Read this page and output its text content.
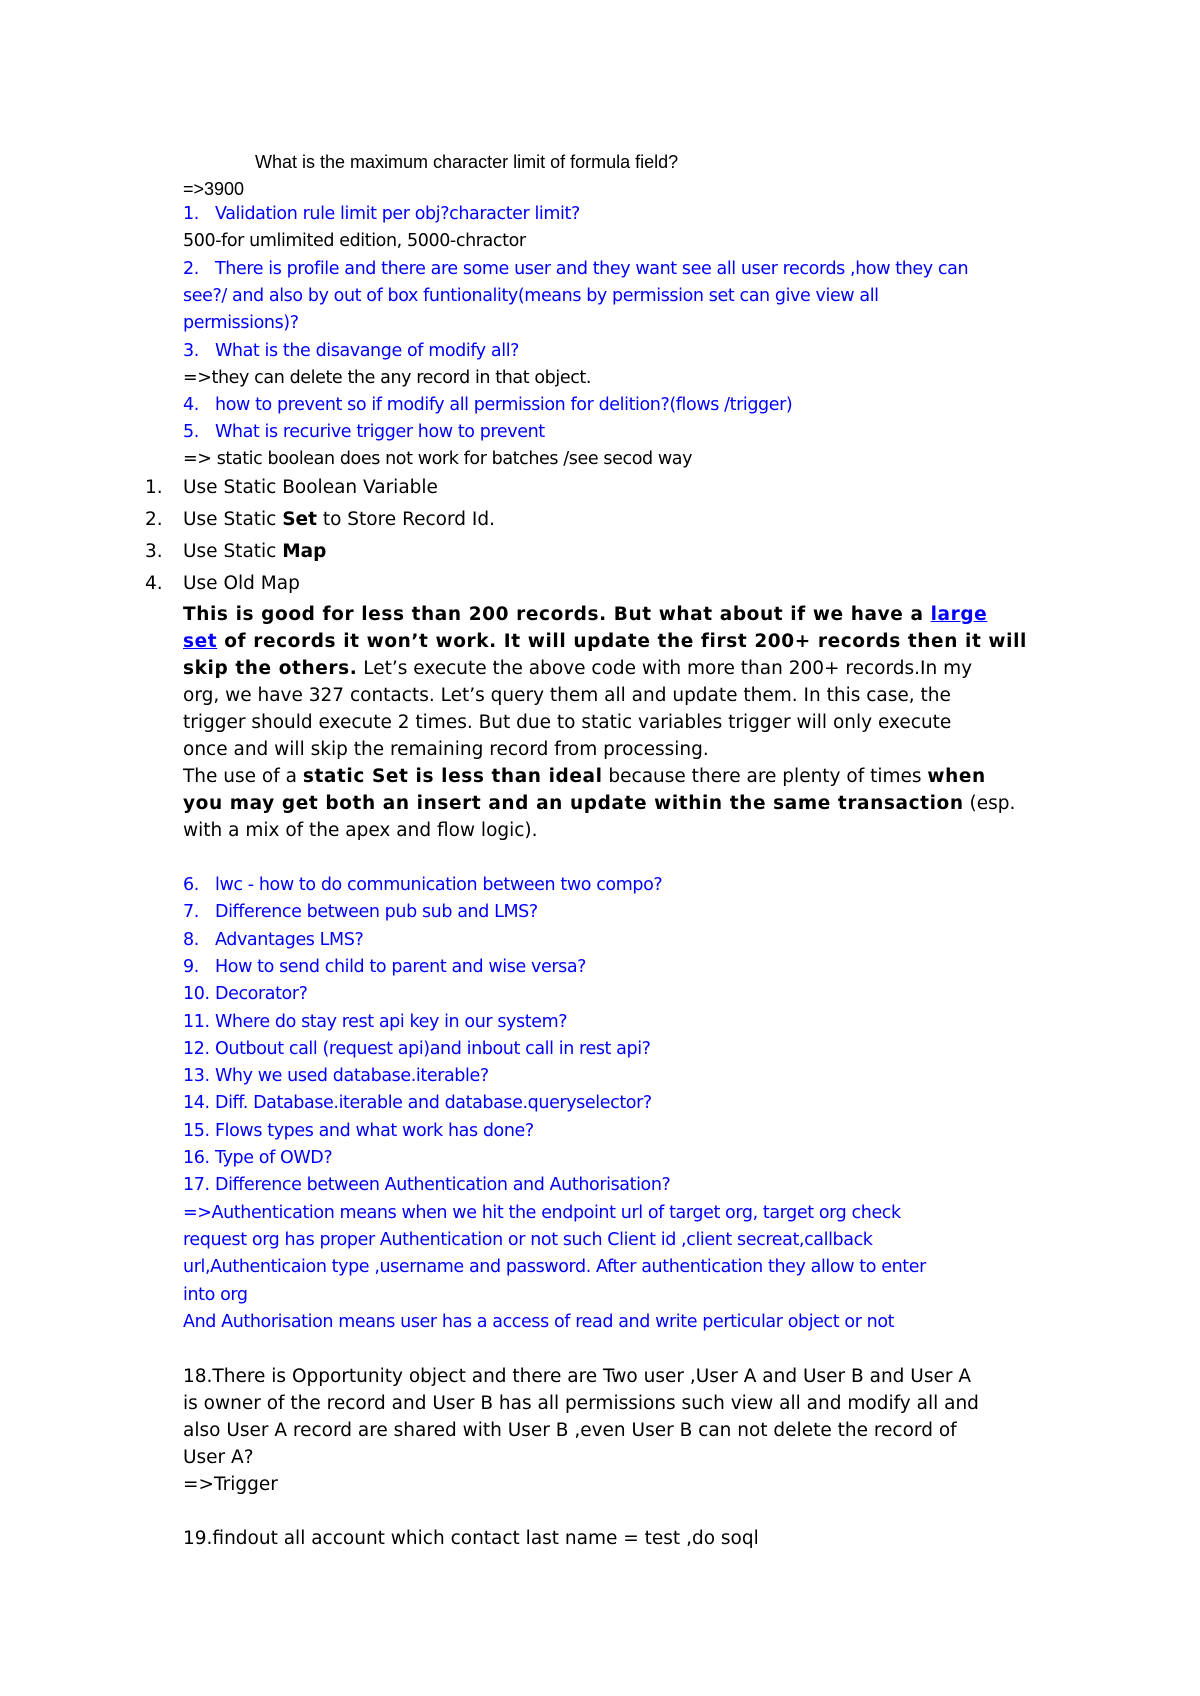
What is the maximum character limit of formula field?
=>3900
1. Validation rule limit per obj?character limit?
500-for umlimited edition, 5000-chractor
2. There is profile and there are some user and they want see all user records ,how they can
see?/ and also by out of box funtionality(means by permission set can give view all
permissions)?
3. What is the disavange of modify all?
=>they can delete the any record in that object.
4. how to prevent so if modify all permission for delition?(flows /trigger)
5. What is recurive trigger how to prevent
=> static boolean does not work for batches /see secod way
1. Use Static Boolean Variable
2. Use Static Set to Store Record Id.
3. Use Static Map
4. Use Old Map
This is good for less than 200 records. But what about if we have a large
set of records it won’t work. It will update the first 200+ records then it will
skip the others. Let’s execute the above code with more than 200+ records.In my
org, we have 327 contacts. Let’s query them all and update them. In this case, the
trigger should execute 2 times. But due to static variables trigger will only execute
once and will skip the remaining record from processing.
The use of a static Set is less than ideal because there are plenty of times when
you may get both an insert and an update within the same transaction (esp.
with a mix of the apex and flow logic).
6. lwc - how to do communication between two compo?
7. Difference between pub sub and LMS?
8. Advantages LMS?
9. How to send child to parent and wise versa?
10. Decorator?
11. Where do stay rest api key in our system?
12. Outbout call (request api)and inbout call in rest api?
13. Why we used database.iterable?
14. Diff. Database.iterable and database.queryselector?
15. Flows types and what work has done?
16. Type of OWD?
17. Difference between Authentication and Authorisation?
=>Authentication means when we hit the endpoint url of target org, target org check
request org has proper Authentication or not such Client id ,client secreat,callback
url,Authenticaion type ,username and password. After authentication they allow to enter
into org
And Authorisation means user has a access of read and write perticular object or not
18.There is Opportunity object and there are Two user ,User A and User B and User A
is owner of the record and User B has all permissions such view all and modify all and
also User A record are shared with User B ,even User B can not delete the record of
User A?
=>Trigger
19.findout all account which contact last name = test ,do soql
